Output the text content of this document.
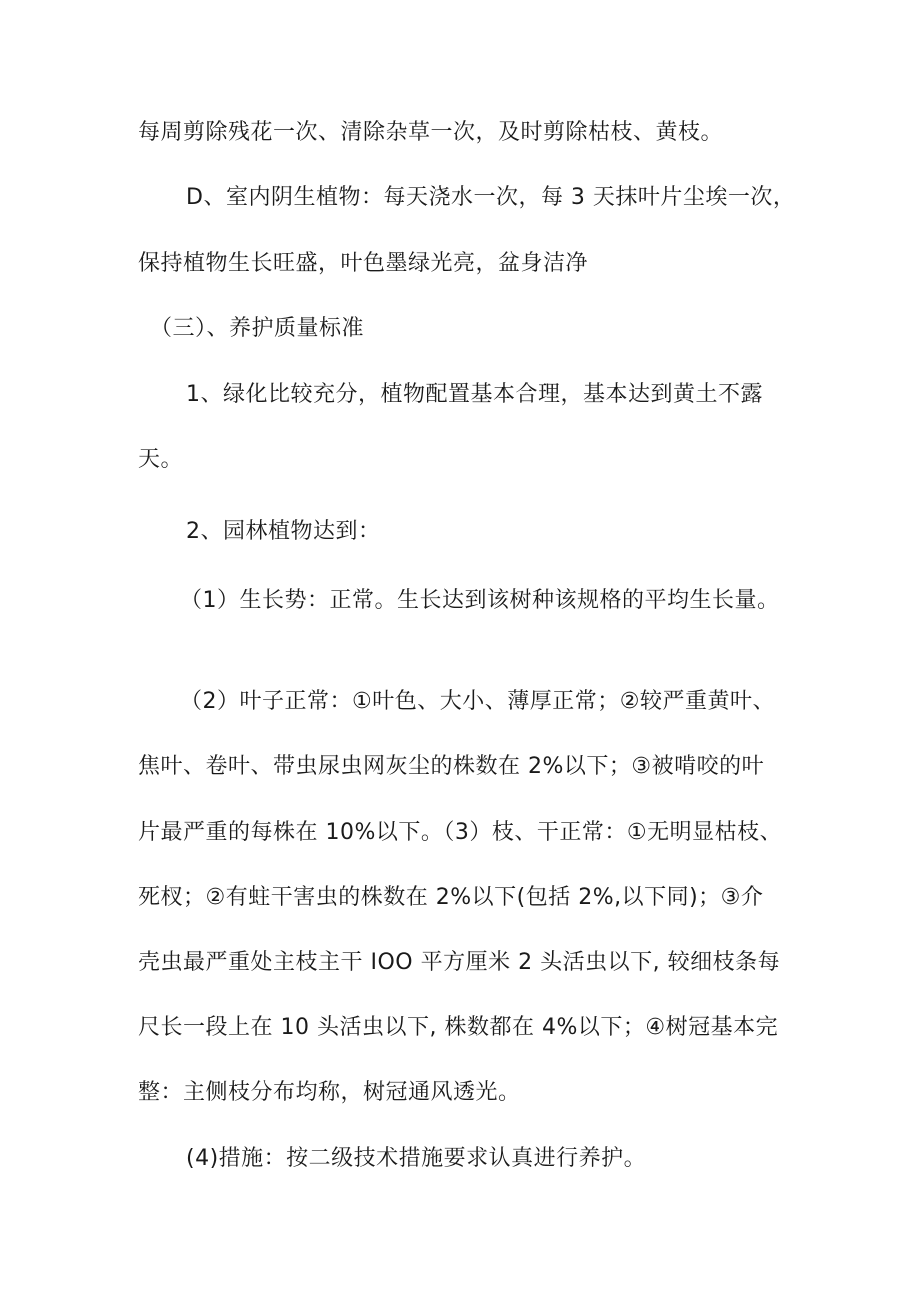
每周剪除残花一次、清除杂草一次，及时剪除枯枝、黄枝。
D、室内阴生植物：每天浇水一次，每 3 天抹叶片尘埃一次，
保持植物生长旺盛，叶色墨绿光亮，盆身洁净
（三）、养护质量标准
1、绿化比较充分，植物配置基本合理，基本达到黄土不露
天。
2、园林植物达到：
（1）生长势：正常。生长达到该树种该规格的平均生长量。
（2）叶子正常：①叶色、大小、薄厚正常；②较严重黄叶、
焦叶、卷叶、带虫尿虫网灰尘的株数在 2%以下；③被啃咬的叶
片最严重的每株在 10%以下。（3）枝、干正常：①无明显枯枝、
死杈；②有蛀干害虫的株数在 2%以下(包括 2%,以下同)；③介
壳虫最严重处主枝主干 IOO 平方厘米 2 头活虫以下, 较细枝条每
尺长一段上在 10 头活虫以下, 株数都在 4%以下；④树冠基本完
整：主侧枝分布均称，树冠通风透光。
(4)措施：按二级技术措施要求认真进行养护。
